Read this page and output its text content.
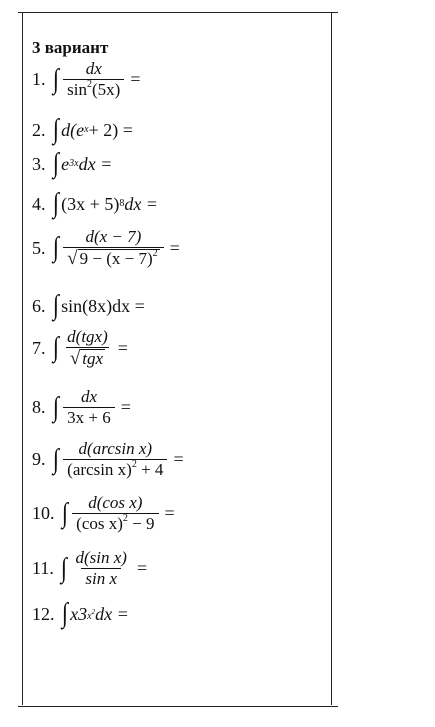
3 вариант
1. ∫ $\frac{dx}{\sin^2(5x)}$ =
2. ∫ d(e x + 2) =
3. ∫ e 3x dx =
4. ∫ (3x + 5) 8 dx =
5. ∫ $\frac{d(x - 7)}{√ 9 - (x - 7)^2}$ =
6. ∫ sin(8x)dx =
7. ∫ $\frac{\text{d(tgx)}}{\text{√ tgx}}$ =
8. ∫ $\frac{dx}{3x + 6}$ =
9. ∫ $\frac{\text{d(arcsin x)}}{(\arcsin x)^2 + 4}$ =
10. ∫ $\frac{\text{d(cos x)}}{(\cos x)^2 - 9}$ =
11. ∫ $\frac{\text{d(sin x)}}{\text{sin x}}$ =
12. ∫ x3 $x^2$ dx =
